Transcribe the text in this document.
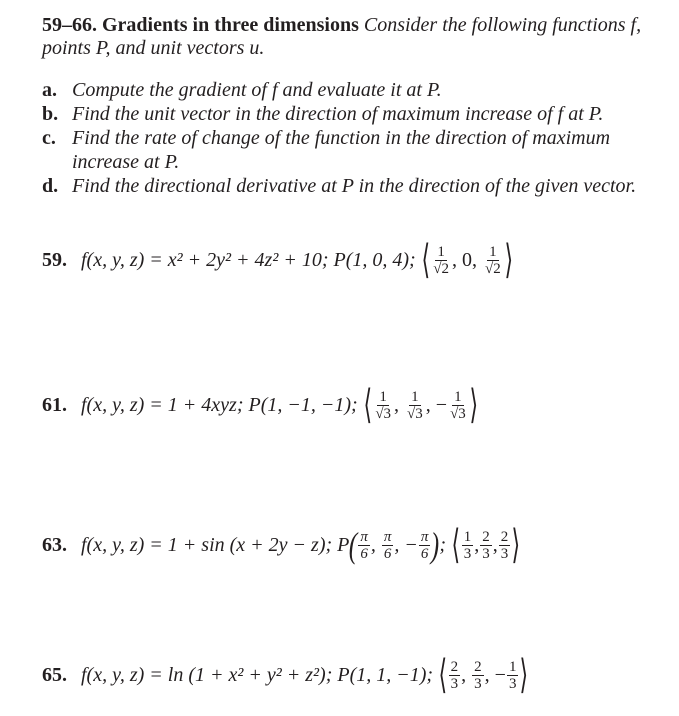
59–66. Gradients in three dimensions Consider the following functions f, points P, and unit vectors u.
a. Compute the gradient of f and evaluate it at P.
b. Find the unit vector in the direction of maximum increase of f at P.
c. Find the rate of change of the function in the direction of maximum increase at P.
d. Find the directional derivative at P in the direction of the given vector.
59. f(x, y, z) = x² + 2y² + 4z² + 10; P(1, 0, 4); ⟨ $\frac{1}{√2}$ , 0 , $\frac{1}{√2}$ ⟩
61. f(x, y, z) = 1 + 4xyz; P(1, −1, −1); ⟨ $\frac{1}{√3}$ , $\frac{1}{√3}$ , − $\frac{1}{√3}$ ⟩
63. f(x, y, z) = 1 + sin (x + 2y − z); P ( $\frac{\pi}{6}$ , $\frac{\pi}{6}$ , − $\frac{\pi}{6}$ ) ; ⟨ $\frac{1}{3}$ , $\frac{2}{3}$ , $\frac{2}{3}$ ⟩
65. f(x, y, z) = ln (1 + x² + y² + z²); P(1, 1, −1); ⟨ $\frac{2}{3}$ , $\frac{2}{3}$ , − $\frac{1}{3}$ ⟩
